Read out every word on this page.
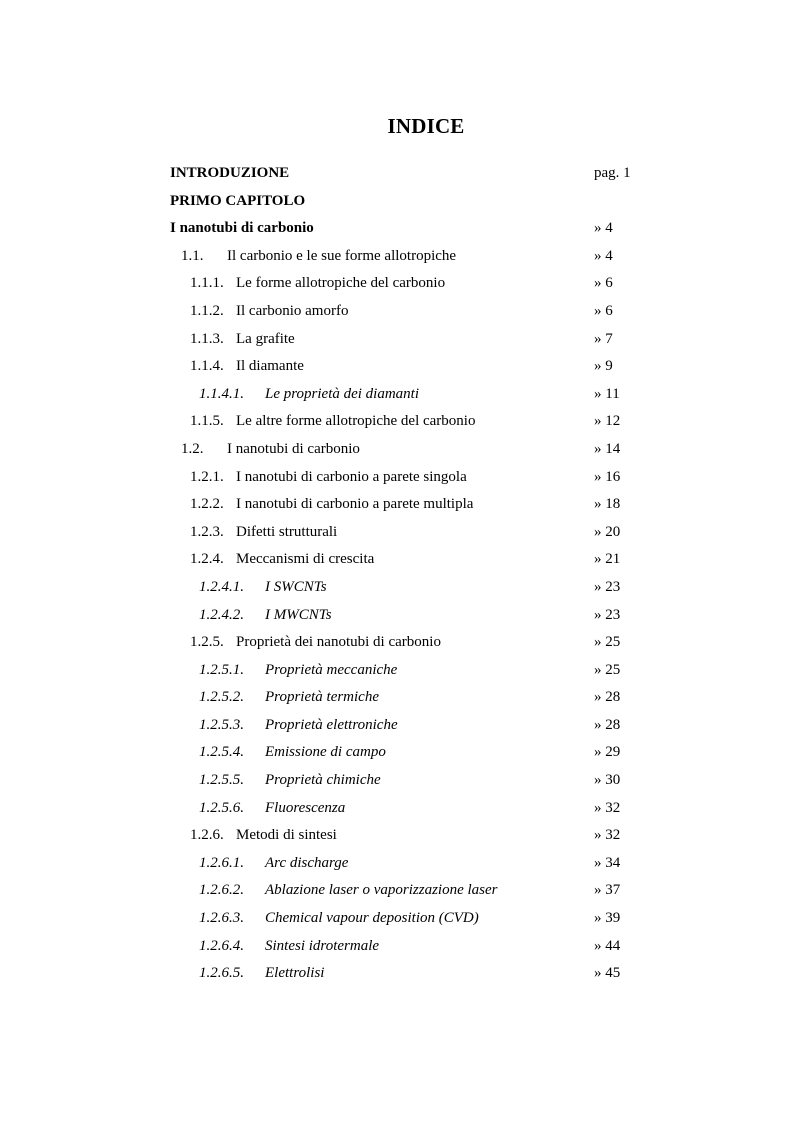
INDICE
INTRODUZIONE	pag. 1
PRIMO CAPITOLO
I nanotubi di carbonio	» 4
1.1. Il carbonio e le sue forme allotropiche	» 4
1.1.1. Le forme allotropiche del carbonio	» 6
1.1.2. Il carbonio amorfo	» 6
1.1.3. La grafite	» 7
1.1.4. Il diamante	» 9
1.1.4.1. Le proprietà dei diamanti	» 11
1.1.5. Le altre forme allotropiche del carbonio	» 12
1.2. I nanotubi di carbonio	» 14
1.2.1. I nanotubi di carbonio a parete singola	» 16
1.2.2. I nanotubi di carbonio a parete multipla	» 18
1.2.3. Difetti strutturali	» 20
1.2.4. Meccanismi di crescita	» 21
1.2.4.1. I SWCNTs	» 23
1.2.4.2. I MWCNTs	» 23
1.2.5. Proprietà dei nanotubi di carbonio	» 25
1.2.5.1. Proprietà meccaniche	» 25
1.2.5.2. Proprietà termiche	» 28
1.2.5.3. Proprietà elettroniche	» 28
1.2.5.4. Emissione di campo	» 29
1.2.5.5. Proprietà chimiche	» 30
1.2.5.6. Fluorescenza	» 32
1.2.6. Metodi di sintesi	» 32
1.2.6.1. Arc discharge	» 34
1.2.6.2. Ablazione laser o vaporizzazione laser	» 37
1.2.6.3. Chemical vapour deposition (CVD)	» 39
1.2.6.4. Sintesi idrotermale	» 44
1.2.6.5. Elettrolisi	» 45
